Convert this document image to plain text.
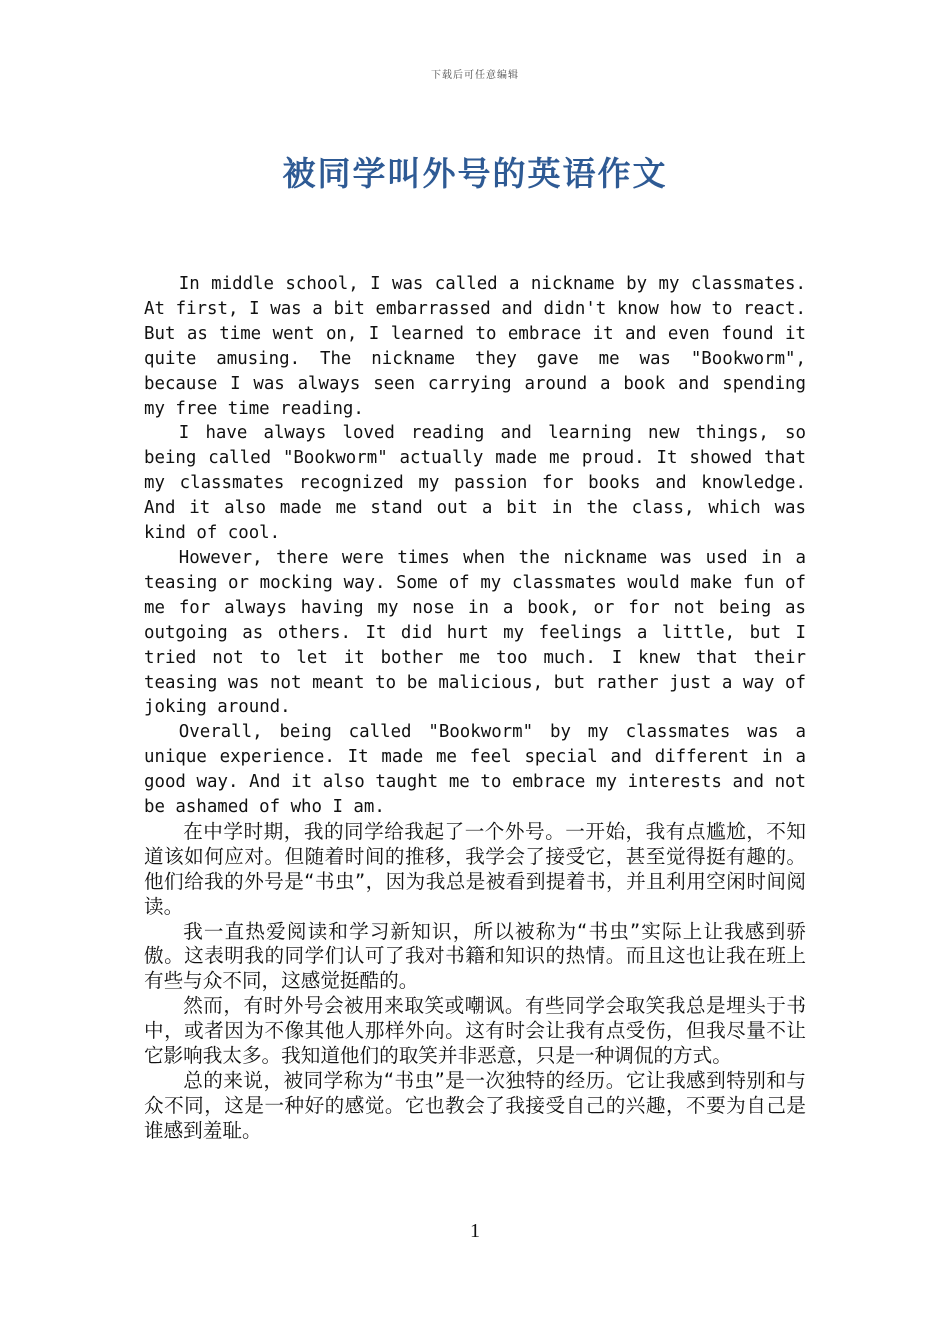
下载后可任意编辑
被同学叫外号的英语作文

In middle school, I was called a nickname by my classmates. At first, I was a bit embarrassed and didn't know how to react. But as time went on, I learned to embrace it and even found it quite amusing. The nickname they gave me was "Bookworm", because I was always seen carrying around a book and spending my free time reading.

I have always loved reading and learning new things, so being called "Bookworm" actually made me proud. It showed that my classmates recognized my passion for books and knowledge. And it also made me stand out a bit in the class, which was kind of cool.

However, there were times when the nickname was used in a teasing or mocking way. Some of my classmates would make fun of me for always having my nose in a book, or for not being as outgoing as others. It did hurt my feelings a little, but I tried not to let it bother me too much. I knew that their teasing was not meant to be malicious, but rather just a way of joking around.

Overall, being called "Bookworm" by my classmates was a unique experience. It made me feel special and different in a good way. And it also taught me to embrace my interests and not be ashamed of who I am.

在中学时期，我的同学给我起了一个外号。一开始，我有点尴尬，不知道该如何应对。但随着时间的推移，我学会了接受它，甚至觉得挺有趣的。他们给我的外号是“书虫”，因为我总是被看到提着书，并且利用空闲时间阅读。

我一直热爱阅读和学习新知识，所以被称为“书虫”实际上让我感到骄傲。这表明我的同学们认可了我对书籍和知识的热情。而且这也让我在班上有些与众不同，这感觉挺酷的。

然而，有时外号会被用来取笑或嘲讽。有些同学会取笑我总是埋头于书中，或者因为不像其他人那样外向。这有时会让我有点受伤，但我尽量不让它影响我太多。我知道他们的取笑并非恶意，只是一种调侃的方式。

总的来说，被同学称为“书虫”是一次独特的经历。它让我感到特别和与众不同，这是一种好的感觉。它也教会了我接受自己的兴趣，不要为自己是谁感到羞耻。

1
